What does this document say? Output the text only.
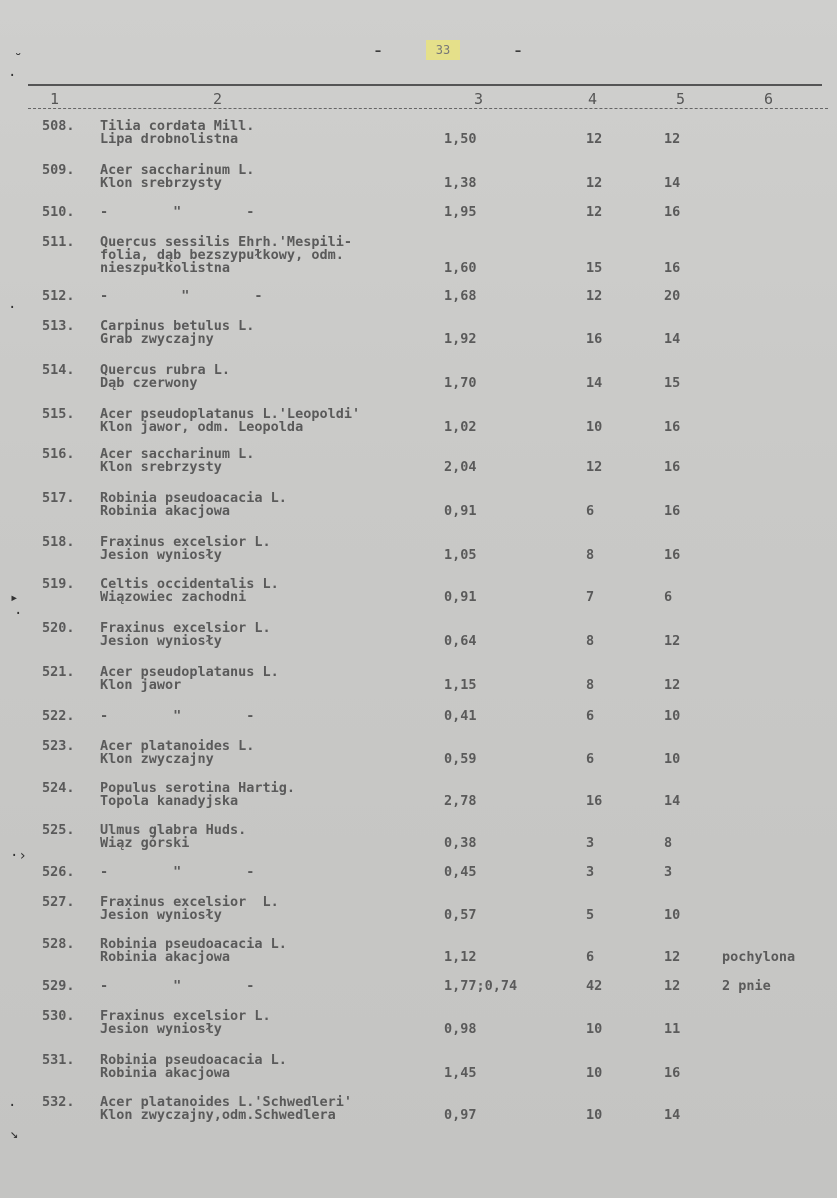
-	33	-
1	2	3	4	5	6
508. Tilia cordata Mill.
Lipa drobnolistna	1,50	12	12
509. Acer saccharinum L.
Klon srebrzysty	1,38	12	14
510. -        "        -	1,95	12	16
511. Quercus sessilis Ehrh.'Mespili-
folia, dąb bezszypułkowy, odm.
nieszpułkolistna	1,60	15	16
512. -         "        -	1,68	12	20
513. Carpinus betulus L.
Grab zwyczajny	1,92	16	14
514. Quercus rubra L.
Dąb czerwony	1,70	14	15
515. Acer pseudoplatanus L.'Leopoldi'
Klon jawor, odm. Leopolda	1,02	10	16
516. Acer saccharinum L.
Klon srebrzysty	2,04	12	16
517. Robinia pseudoacacia L.
Robinia akacjowa	0,91	6	16
518. Fraxinus excelsior L.
Jesion wyniosły	1,05	8	16
519. Celtis occidentalis L.
Wiązowiec zachodni	0,91	7	6
520. Fraxinus excelsior L.
Jesion wyniosły	0,64	8	12
521. Acer pseudoplatanus L.
Klon jawor	1,15	8	12
522. -        "        -	0,41	6	10
523. Acer platanoides L.
Klon zwyczajny	0,59	6	10
524. Populus serotina Hartig.
Topola kanadyjska	2,78	16	14
525. Ulmus glabra Huds.
Wiąz górski	0,38	3	8
526. -        "        -	0,45	3	3
527. Fraxinus excelsior  L.
Jesion wyniosły	0,57	5	10
528. Robinia pseudoacacia L.
Robinia akacjowa	1,12	6	12	pochylona
529. -        "        -	1,77;0,74	42	12	2 pnie
530. Fraxinus excelsior L.
Jesion wyniosły	0,98	10	11
531. Robinia pseudoacacia L.
Robinia akacjowa	1,45	10	16
532. Acer platanoides L.'Schwedleri'
Klon zwyczajny,odm.Schwedlera	0,97	10	14
˘
·
·
▸
·
·›
·
↘
